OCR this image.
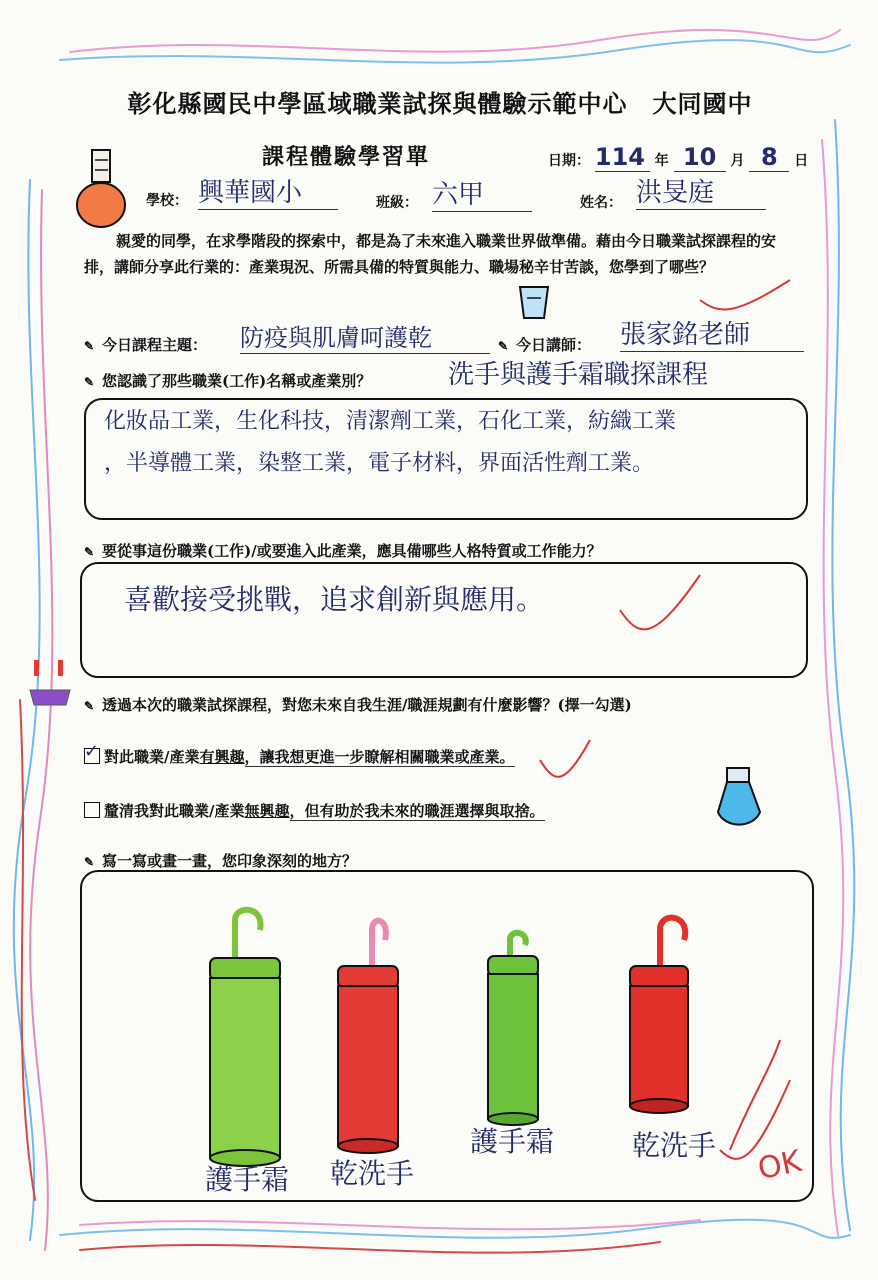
彰化縣國民中學區域職業試探與體驗示範中心　大同國中
課程體驗學習單	日期： 114 年 10 月 8 日
學校： 興華國小	班級： 六甲	姓名： 洪旻庭
親愛的同學，在求學階段的探索中，都是為了未來進入職業世界做準備。藉由今日職業試探課程的安排，講師分享此行業的：產業現況、所需具備的特質與能力、職場秘辛甘苦談，您學到了哪些？
✎ 今日課程主題： 防疫與肌膚呵護乾	✎ 今日講師： 張家銘老師
✎ 您認識了那些職業(工作)名稱或產業別？	洗手與護手霜職探課程
化妝品工業，生化科技，清潔劑工業，石化工業，紡織工業
，半導體工業，染整工業，電子材料，界面活性劑工業。
✎ 要從事這份職業(工作)/或要進入此產業，應具備哪些人格特質或工作能力？
喜歡接受挑戰，追求創新與應用。
✎ 透過本次的職業試探課程，對您未來自我生涯/職涯規劃有什麼影響？(擇一勾選)
✓ 對此職業/產業有興趣，讓我想更進一步瞭解相關職業或產業。
釐清我對此職業/產業無興趣，但有助於我未來的職涯選擇與取捨。
✎ 寫一寫或畫一畫，您印象深刻的地方？
護手霜 乾洗手
護手霜	乾洗手 OK
